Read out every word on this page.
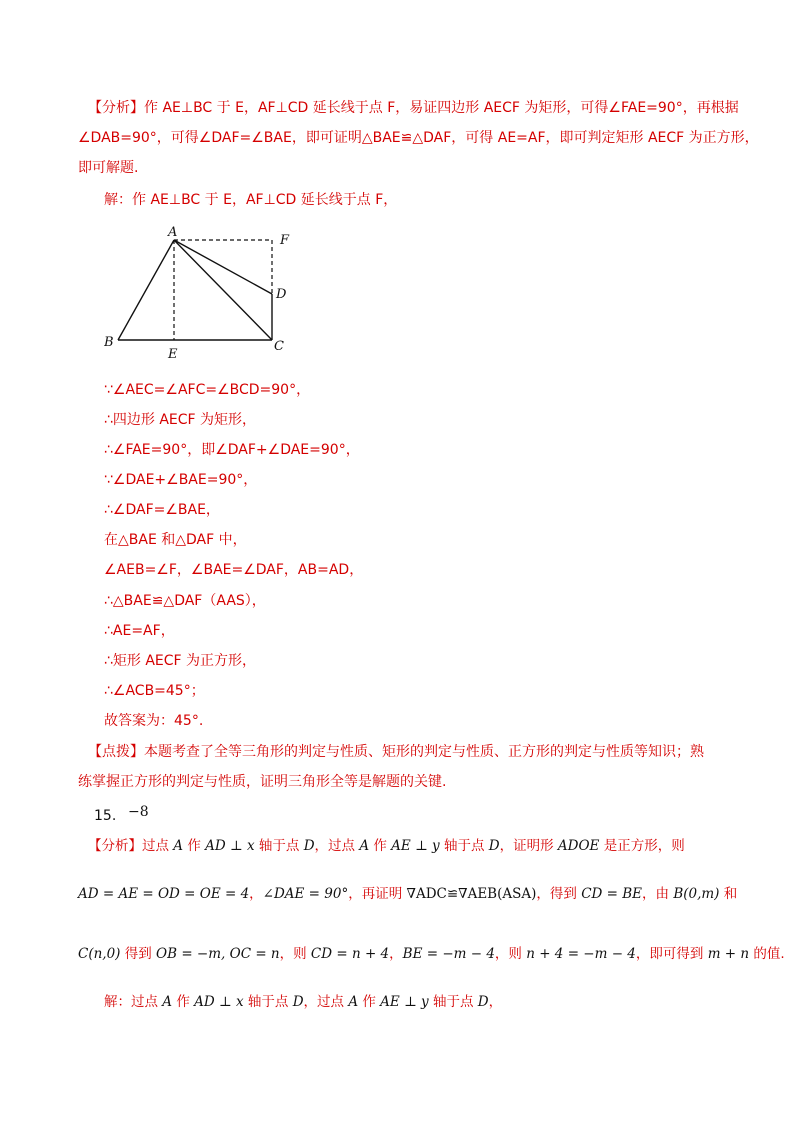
【分析】作 AE⊥BC 于 E，AF⊥CD 延长线于点 F，易证四边形 AECF 为矩形，可得∠FAE=90°，再根据
∠DAB=90°，可得∠DAF=∠BAE，即可证明△BAE≌△DAF，可得 AE=AF，即可判定矩形 AECF 为正方形，
即可解题.
解：作 AE⊥BC 于 E，AF⊥CD 延长线于点 F，
A
F
D
B
E
C
∵∠AEC=∠AFC=∠BCD=90°，
∴四边形 AECF 为矩形，
∴∠FAE=90°，即∠DAF+∠DAE=90°，
∵∠DAE+∠BAE=90°，
∴∠DAF=∠BAE，
在△BAE 和△DAF 中，
∠AEB=∠F，∠BAE=∠DAF，AB=AD，
∴△BAE≌△DAF（AAS），
∴AE=AF，
∴矩形 AECF 为正方形，
∴∠ACB=45°；
故答案为：45°.
【点拨】本题考查了全等三角形的判定与性质、矩形的判定与性质、正方形的判定与性质等知识；熟
练掌握正方形的判定与性质，证明三角形全等是解题的关键.
15. −8
【分析】过点 A 作 AD ⊥ x 轴于点 D，过点 A 作 AE ⊥ y 轴于点 D，证明形 ADOE 是正方形，则
AD = AE = OD = OE = 4，∠DAE = 90°，再证明 ∇ADC≌∇AEB(ASA)，得到 CD = BE，由 B(0,m) 和
C(n,0) 得到 OB = −m, OC = n，则 CD = n + 4，BE = −m − 4，则 n + 4 = −m − 4，即可得到 m + n 的值.
解：过点 A 作 AD ⊥ x 轴于点 D，过点 A 作 AE ⊥ y 轴于点 D，
